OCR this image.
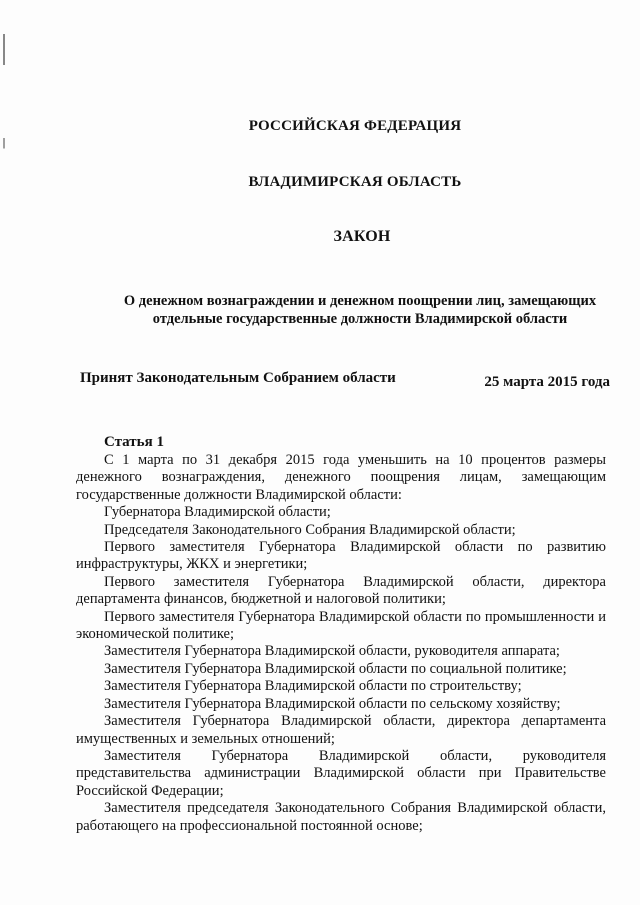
РОССИЙСКАЯ ФЕДЕРАЦИЯ
ВЛАДИМИРСКАЯ ОБЛАСТЬ
ЗАКОН
О денежном вознаграждении и денежном поощрении лиц, замещающих
отдельные государственные должности Владимирской области
Принят Законодательным Собранием области	25 марта 2015 года
Статья 1

С 1 марта по 31 декабря 2015 года уменьшить на 10 процентов размеры денежного вознаграждения, денежного поощрения лицам, замещающим государственные должности Владимирской области:

Губернатора Владимирской области;

Председателя Законодательного Собрания Владимирской области;

Первого заместителя Губернатора Владимирской области по развитию инфраструктуры, ЖКХ и энергетики;

Первого заместителя Губернатора Владимирской области, директора департамента финансов, бюджетной и налоговой политики;

Первого заместителя Губернатора Владимирской области по промышленности и экономической политике;

Заместителя Губернатора Владимирской области, руководителя аппарата;

Заместителя Губернатора Владимирской области по социальной политике;

Заместителя Губернатора Владимирской области по строительству;

Заместителя Губернатора Владимирской области по сельскому хозяйству;

Заместителя Губернатора Владимирской области, директора департамента имущественных и земельных отношений;

Заместителя Губернатора Владимирской области, руководителя представительства администрации Владимирской области при Правительстве Российской Федерации;

Заместителя председателя Законодательного Собрания Владимирской области, работающего на профессиональной постоянной основе;
